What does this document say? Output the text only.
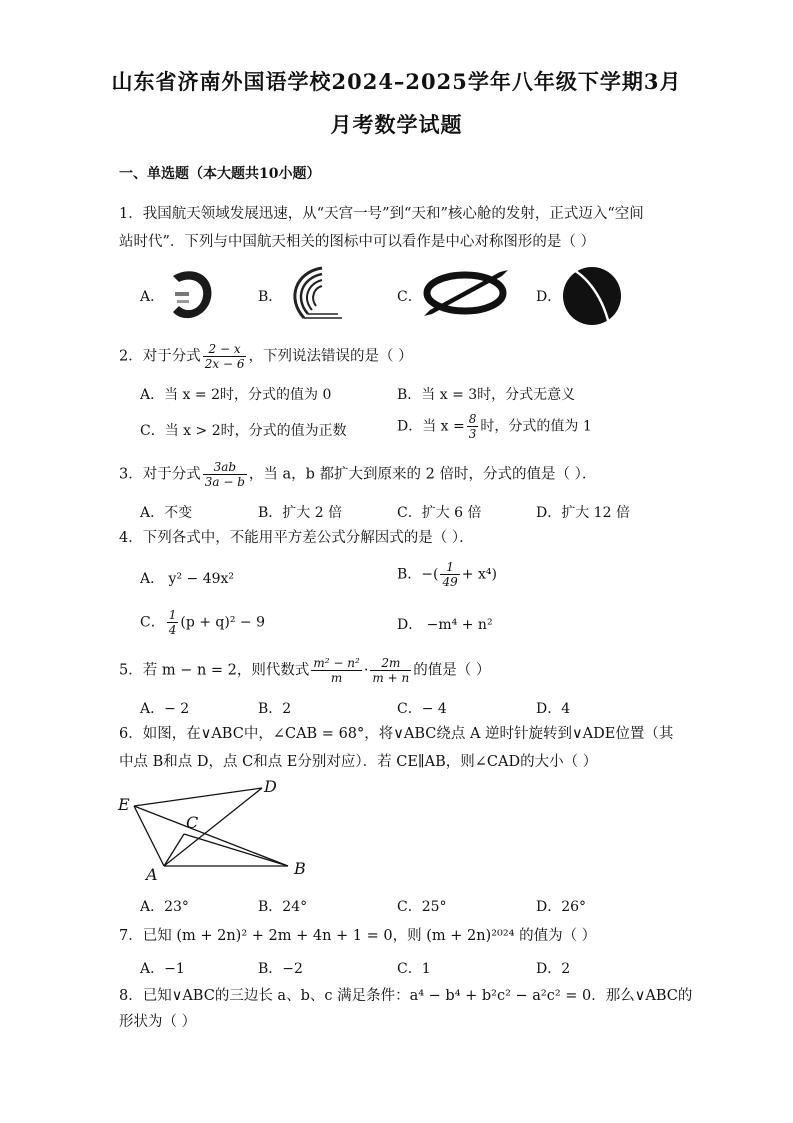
山东省济南外国语学校2024–2025学年八年级下学期3月
月考数学试题
一、单选题（本大题共10小题）
1．我国航天领域发展迅速，从“天宫一号”到“天和”核心舱的发射，正式迈入“空间
站时代”．下列与中国航天相关的图标中可以看作是中心对称图形的是（ ）
A．	B．	C．	D．
2．对于分式 $\frac{2 - x}{2x - 6}$ ，下列说法错误的是（ ）
A．当 x = 2时，分式的值为 0	B．当 x = 3时，分式无意义
C．当 x > 2时，分式的值为正数	D．当 $x = \frac{8}{3}$ 时，分式的值为 1
3．对于分式 $\frac{3ab}{3a - b}$ ，当 a，b 都扩大到原来的 2 倍时，分式的值是（ ）．
A．不变	B．扩大 2 倍	C．扩大 6 倍	D．扩大 12 倍
4．下列各式中，不能用平方差公式分解因式的是（ ）．
A． y² − 49x²	B．−( $\frac{1}{49} + x^4$)
C． $\frac{1}{4} (p + q)^2 - 9$	D． −m⁴ + n²
5．若 m − n = 2，则代数式 $\frac{\text{m² − n²}}{m} \cdot \frac{2m}{m + n}$ 的值是（ ）
A．− 2	B．2	C．− 4	D．4
6．如图，在∨ABC中，∠CAB = 68°，将∨ABC绕点 A 逆时针旋转到∨ADE位置（其
中点 B和点 D，点 C和点 E分别对应）．若 CE∥AB，则∠CAD的大小（ ）
E
D
C
A	B
A．23°	B．24°	C．25°	D．26°
7．已知 (m + 2n)² + 2m + 4n + 1 = 0，则 (m + 2n)²⁰²⁴ 的值为（ ）
A．−1	B．−2	C．1	D．2
8．已知∨ABC的三边长 a、b、c 满足条件：a⁴ − b⁴ + b²c² − a²c² = 0．那么∨ABC的
形状为（ ）
